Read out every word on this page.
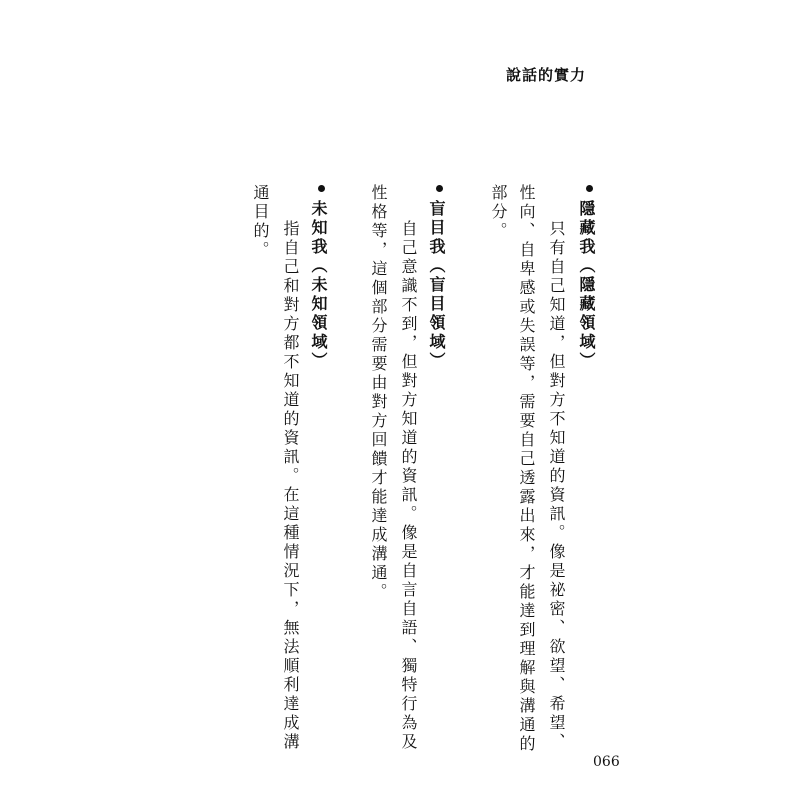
說話的實力
隱藏我（隱藏領域）
只有自己知道，但對方不知道的資訊。像是祕密、欲望、希望、
性向、自卑感或失誤等，需要自己透露出來，才能達到理解與溝通的
部分。
盲目我（盲目領域）
自己意識不到，但對方知道的資訊。像是自言自語、獨特行為及
性格等，這個部分需要由對方回饋才能達成溝通。
未知我（未知領域）
指自己和對方都不知道的資訊。在這種情況下，無法順利達成溝
通目的。
066
